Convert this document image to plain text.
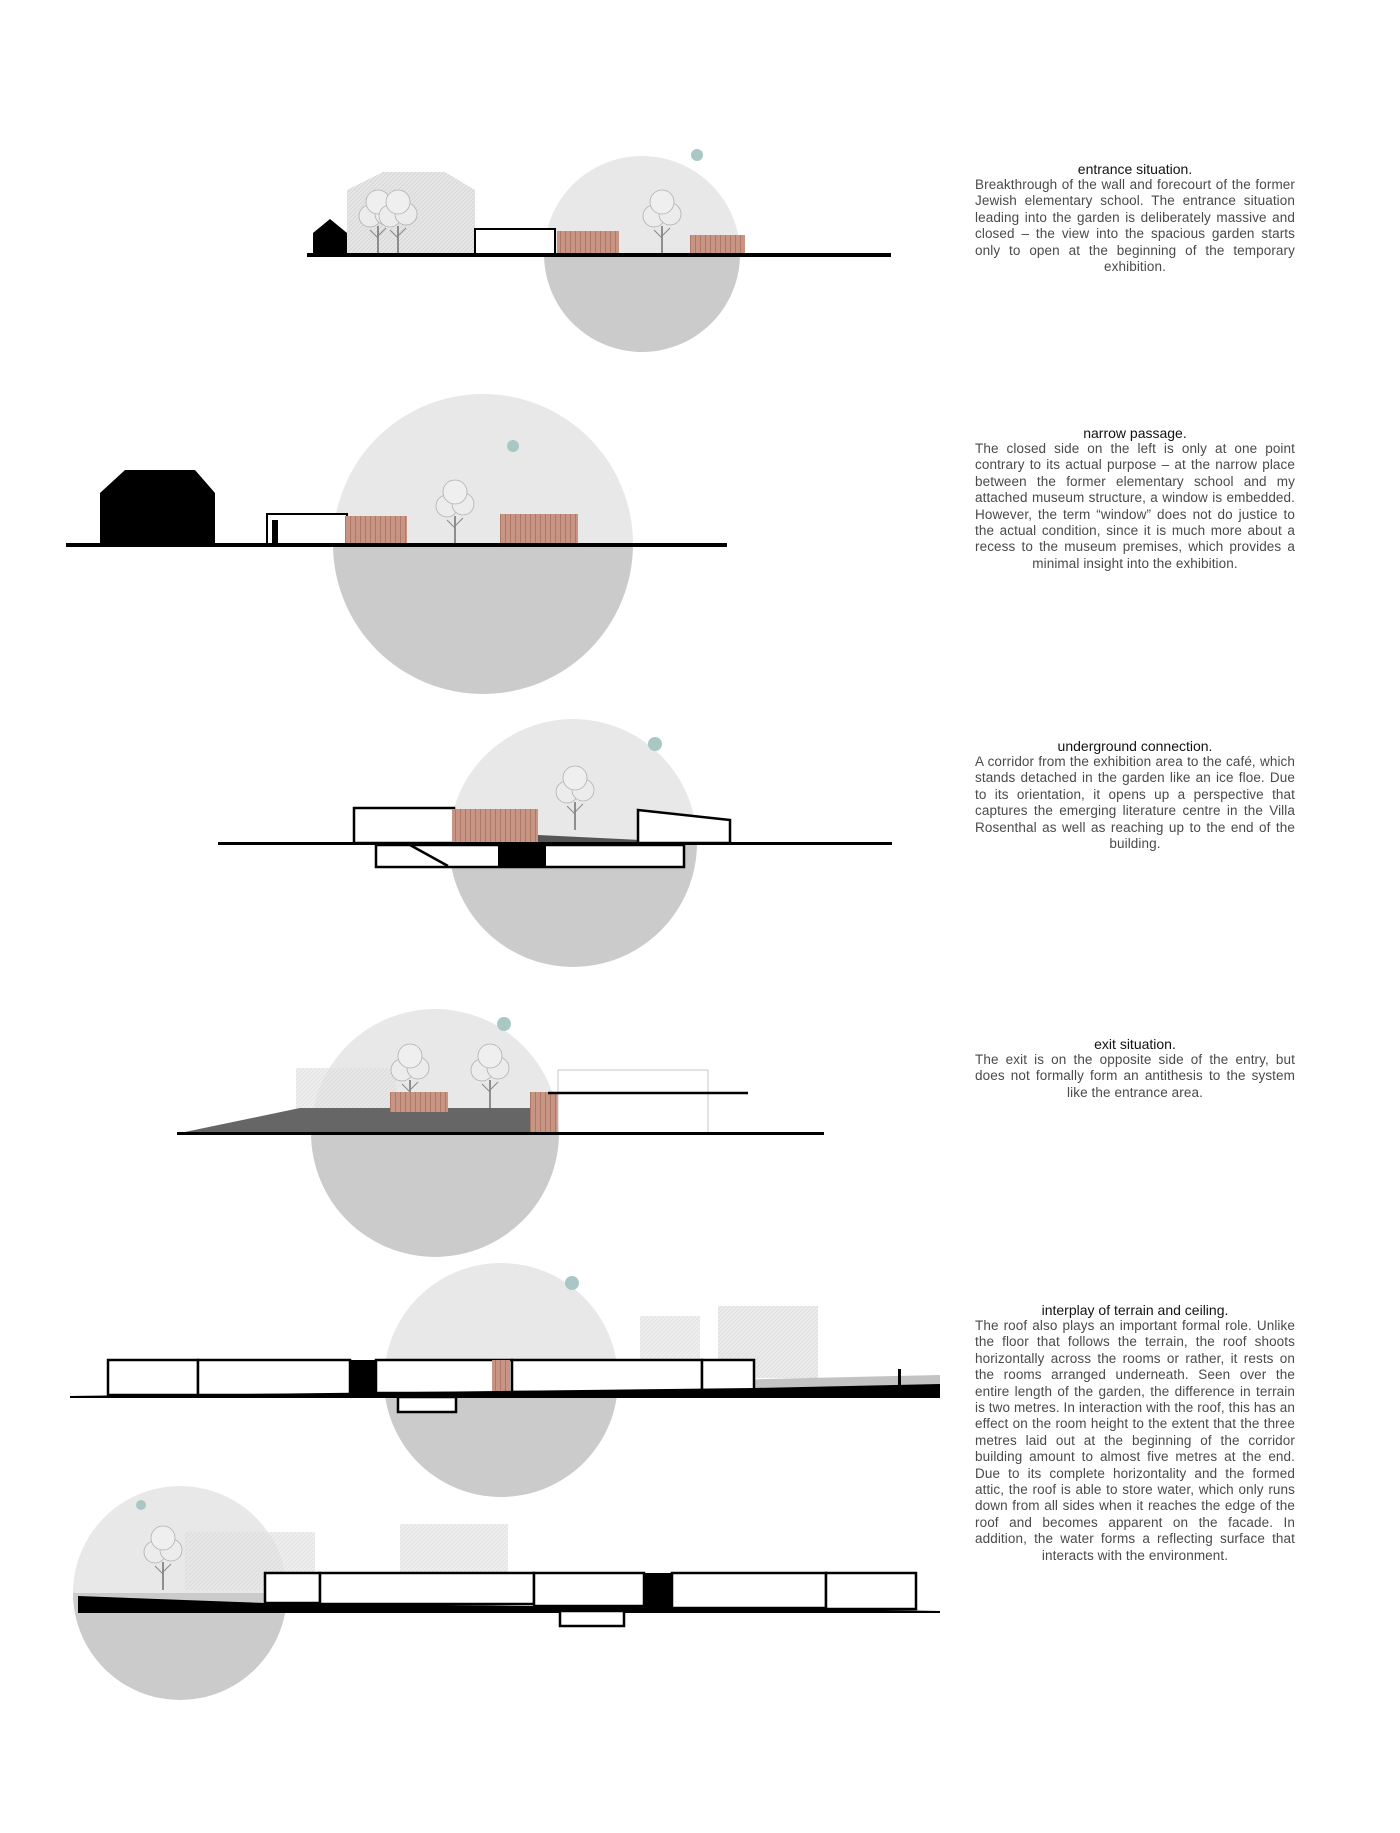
entrance situation.

Breakthrough of the wall and forecourt of the former Jewish elementary school. The entrance situation leading into the garden is deliberately massive and closed – the view into the spacious garden starts only to open at the beginning of the temporary exhibition.

narrow passage.

The closed side on the left is only at one point contrary to its actual purpose – at the narrow place between the former elementary school and my attached museum structure, a window is embedded. However, the term “window” does not do justice to the actual condition, since it is much more about a recess to the museum premises, which provides a minimal insight into the exhibition.

underground connection.

A corridor from the exhibition area to the café, which stands detached in the garden like an ice floe. Due to its orientation, it opens up a perspective that captures the emerging literature centre in the Villa Rosenthal as well as reaching up to the end of the building.

exit situation.

The exit is on the opposite side of the entry, but does not formally form an antithesis to the system like the entrance area.

interplay of terrain and ceiling.

The roof also plays an important formal role. Unlike the floor that follows the terrain, the roof shoots horizontally across the rooms or rather, it rests on the rooms arranged underneath. Seen over the entire length of the garden, the difference in terrain is two metres. In interaction with the roof, this has an effect on the room height to the extent that the three metres laid out at the beginning of the corridor building amount to almost five metres at the end. Due to its complete horizontality and the formed attic, the roof is able to store water, which only runs down from all sides when it reaches the edge of the roof and becomes apparent on the facade. In addition, the water forms a reflecting surface that interacts with the environment.
